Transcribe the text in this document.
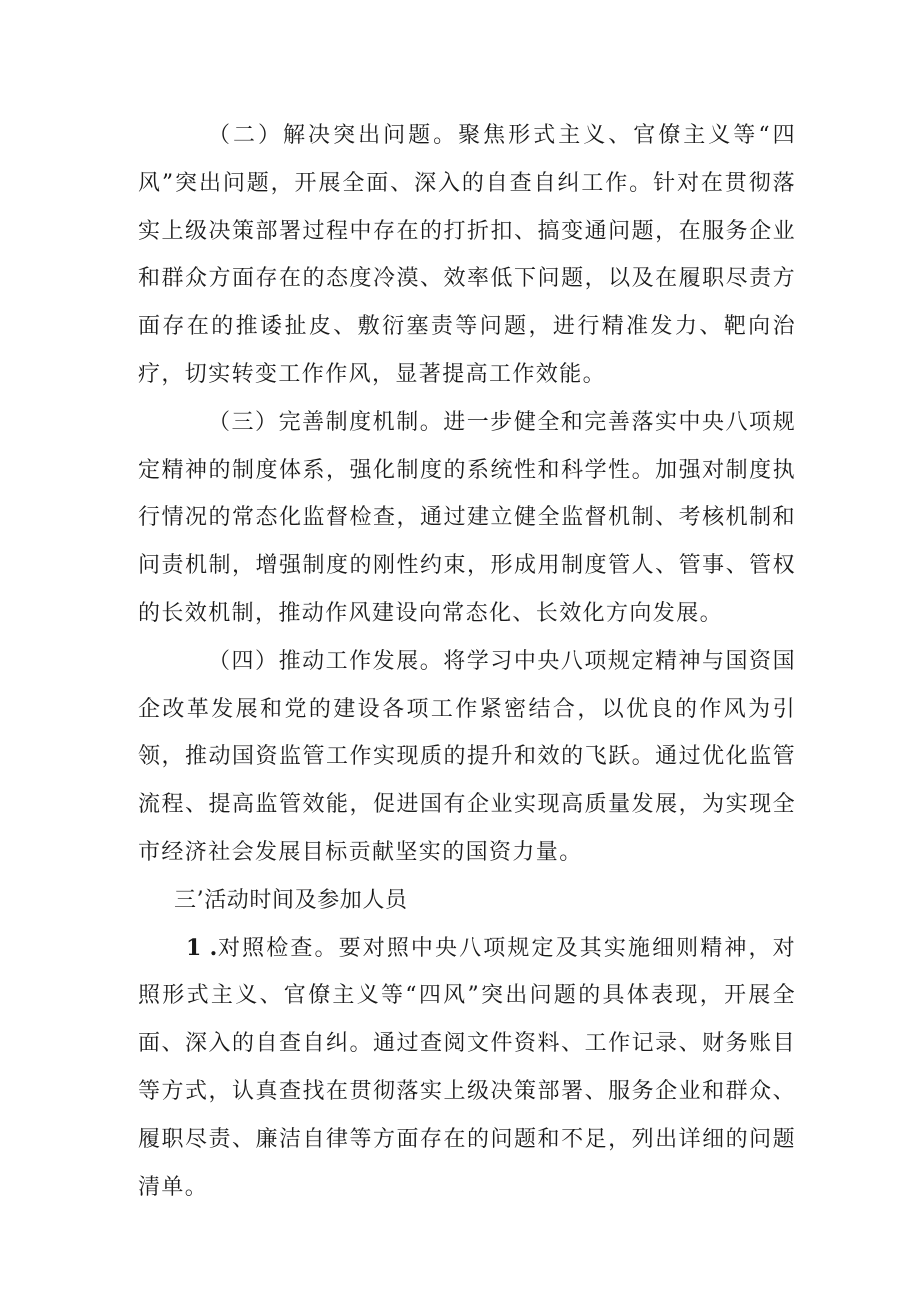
（二）解决突出问题。聚焦形式主义、官僚主义等“四风”突出问题，开展全面、深入的自查自纠工作。针对在贯彻落实上级决策部署过程中存在的打折扣、搞变通问题，在服务企业和群众方面存在的态度冷漠、效率低下问题，以及在履职尽责方面存在的推诿扯皮、敷衍塞责等问题，进行精准发力、靶向治疗，切实转变工作作风，显著提高工作效能。

（三）完善制度机制。进一步健全和完善落实中央八项规定精神的制度体系，强化制度的系统性和科学性。加强对制度执行情况的常态化监督检查，通过建立健全监督机制、考核机制和问责机制，增强制度的刚性约束，形成用制度管人、管事、管权的长效机制，推动作风建设向常态化、长效化方向发展。

（四）推动工作发展。将学习中央八项规定精神与国资国企改革发展和党的建设各项工作紧密结合，以优良的作风为引领，推动国资监管工作实现质的提升和效的飞跃。通过优化监管流程、提高监管效能，促进国有企业实现高质量发展，为实现全市经济社会发展目标贡献坚实的国资力量。

三’活动时间及参加人员

1 .对照检查。要对照中央八项规定及其实施细则精神，对照形式主义、官僚主义等“四风”突出问题的具体表现，开展全面、深入的自查自纠。通过查阅文件资料、工作记录、财务账目等方式，认真查找在贯彻落实上级决策部署、服务企业和群众、履职尽责、廉洁自律等方面存在的问题和不足，列出详细的问题清单。
